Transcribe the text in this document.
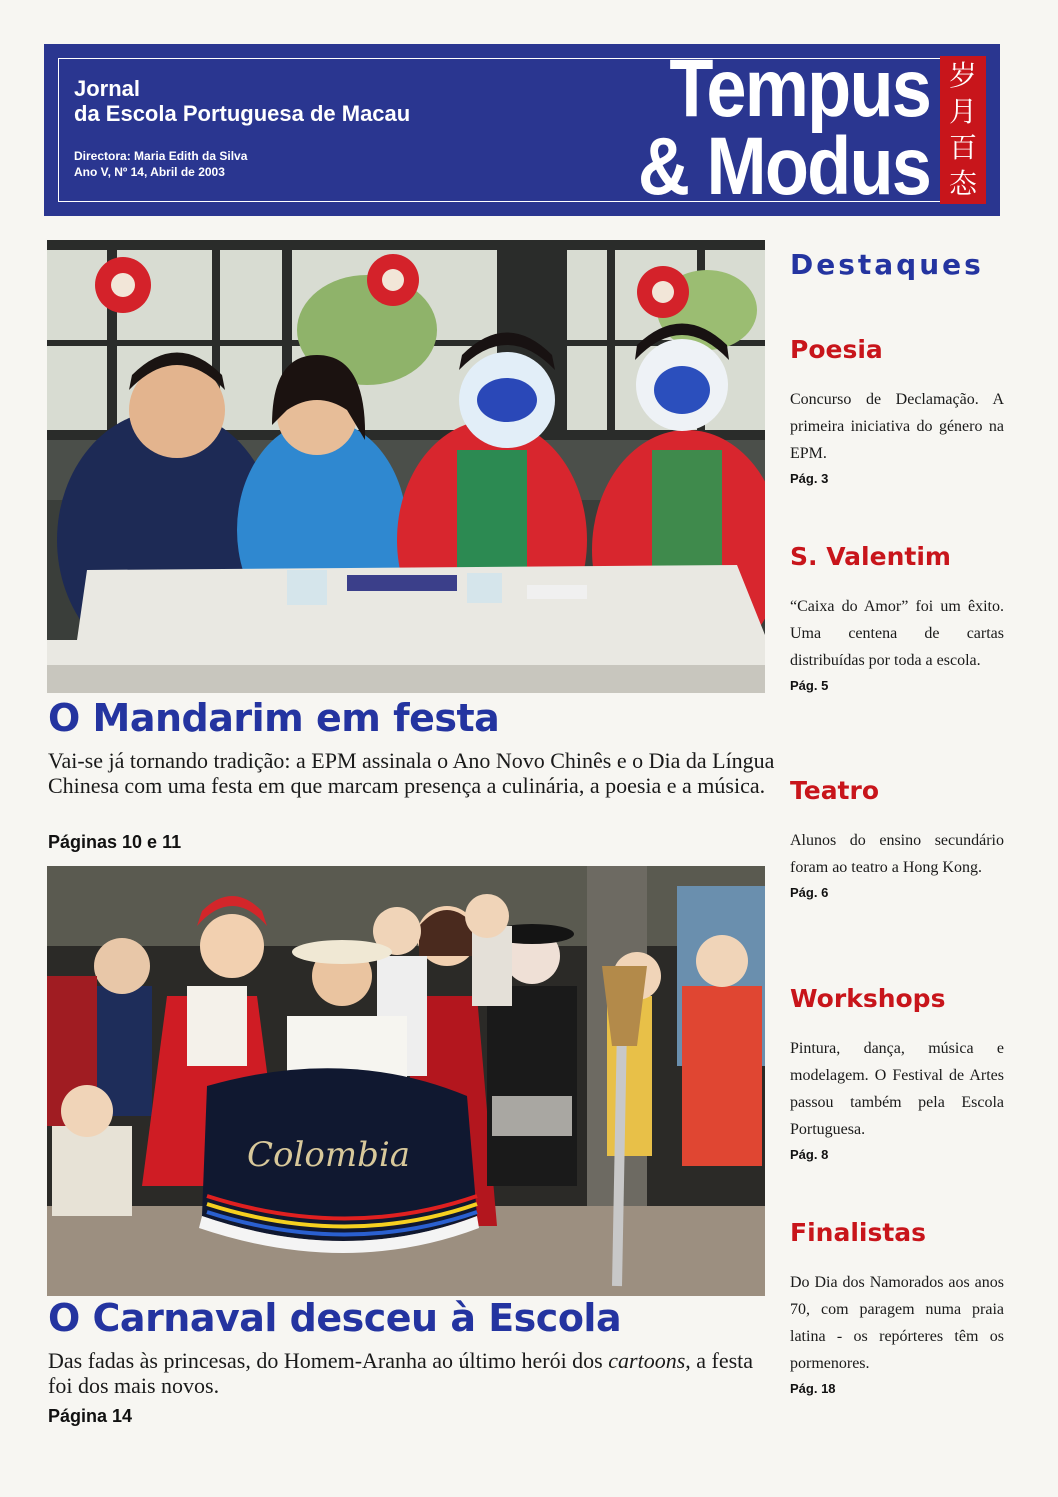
Jornal
da Escola Portuguesa de Macau
Directora: Maria Edith da Silva
Ano V, Nº 14, Abril de 2003
Tempus
& Modus
岁
月
百
态
O Mandarim em festa

Vai-se já tornando tradição: a EPM assinala o Ano Novo Chinês e o Dia da Língua Chinesa com uma festa em que marcam presença a culinária, a poesia e a música.

Páginas 10 e 11

Colombia
O Carnaval desceu à Escola

Das fadas às princesas, do Homem-Aranha ao último herói dos cartoons, a festa foi dos mais novos.

Página 14

Destaques
Poesia

Concurso de Declamação. A primeira iniciativa do género na EPM.

Pág. 3

S. Valentim

“Caixa do Amor” foi um êxito. Uma centena de cartas distribuídas por toda a escola.

Pág. 5

Teatro

Alunos do ensino secundário foram ao teatro a Hong Kong.

Pág. 6

Workshops

Pintura, dança, música e modelagem. O Festival de Artes passou também pela Escola Portuguesa.

Pág. 8

Finalistas

Do Dia dos Namorados aos anos 70, com paragem numa praia latina - os repórteres têm os pormenores.

Pág. 18
